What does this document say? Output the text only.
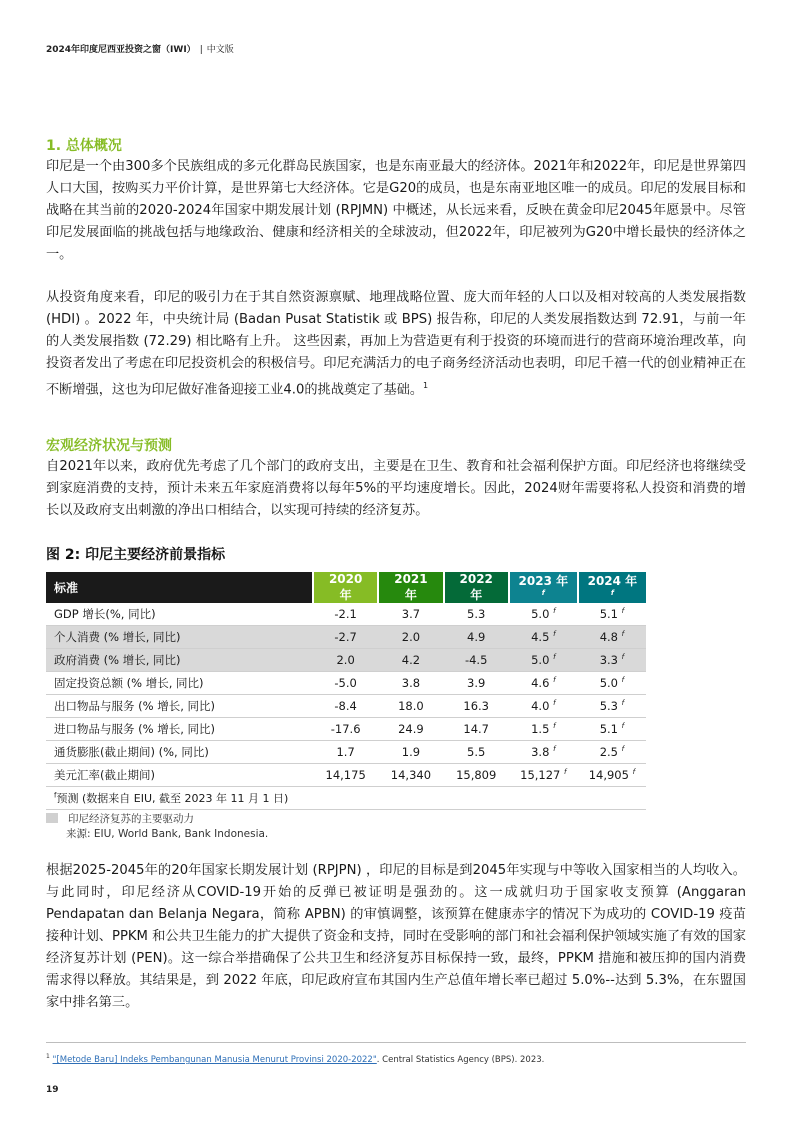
2024年印度尼西亚投资之窗（IWI） | 中文版
1. 总体概况

印尼是一个由300多个民族组成的多元化群岛民族国家，也是东南亚最大的经济体。2021年和2022年，印尼是世界第四人口大国，按购买力平价计算，是世界第七大经济体。它是G20的成员，也是东南亚地区唯一的成员。印尼的发展目标和战略在其当前的2020-2024年国家中期发展计划 (RPJMN) 中概述，从长远来看，反映在黄金印尼2045年愿景中。尽管印尼发展面临的挑战包括与地缘政治、健康和经济相关的全球波动，但2022年，印尼被列为G20中增长最快的经济体之一。

从投资角度来看，印尼的吸引力在于其自然资源禀赋、地理战略位置、庞大而年轻的人口以及相对较高的人类发展指数 (HDI) 。2022 年，中央统计局 (Badan Pusat Statistik 或 BPS) 报告称，印尼的人类发展指数达到 72.91，与前一年的人类发展指数 (72.29) 相比略有上升。 这些因素，再加上为营造更有利于投资的环境而进行的营商环境治理改革，向投资者发出了考虑在印尼投资机会的积极信号。印尼充满活力的电子商务经济活动也表明，印尼千禧一代的创业精神正在不断增强，这也为印尼做好准备迎接工业4.0的挑战奠定了基础。$^1$

宏观经济状况与预测

自2021年以来，政府优先考虑了几个部门的政府支出，主要是在卫生、教育和社会福利保护方面。印尼经济也将继续受到家庭消费的支持，预计未来五年家庭消费将以每年5%的平均速度增长。因此，2024财年需要将私人投资和消费的增长以及政府支出刺激的净出口相结合，以实现可持续的经济复苏。

图 2: 印尼主要经济前景指标
标准	2020 年	2021 年	2022 年	2023 年$^f$	2024 年$^f$
GDP 增长(%, 同比)	-2.1	3.7	5.3	5.0 $^f$	5.1 $^f$
个人消费 (% 增长, 同比)	-2.7	2.0	4.9	4.5 $^f$	4.8 $^f$
政府消费 (% 增长, 同比)	2.0	4.2	-4.5	5.0 $^f$	3.3 $^f$
固定投资总额 (% 增长, 同比)	-5.0	3.8	3.9	4.6 $^f$	5.0 $^f$
出口物品与服务 (% 增长, 同比)	-8.4	18.0	16.3	4.0 $^f$	5.3 $^f$
进口物品与服务 (% 增长, 同比)	-17.6	24.9	14.7	1.5 $^f$	5.1 $^f$
通货膨胀(截止期间) (%, 同比)	1.7	1.9	5.5	3.8 $^f$	2.5 $^f$
美元汇率(截止期间)	14,175	14,340	15,809	15,127 $^f$	14,905 $^f$
$^f$预测 (数据来自 EIU, 截至 2023 年 11 月 1 日)					
印尼经济复苏的主要驱动力
来源: EIU, World Bank, Bank Indonesia.

根据2025-2045年的20年国家长期发展计划 (RPJPN) ，印尼的目标是到2045年实现与中等收入国家相当的人均收入。与此同时，印尼经济从COVID-19开始的反弹已被证明是强劲的。这一成就归功于国家收支预算 (Anggaran Pendapatan dan Belanja Negara，简称 APBN) 的审慎调整，该预算在健康赤字的情况下为成功的 COVID-19 疫苗接种计划、PPKM 和公共卫生能力的扩大提供了资金和支持，同时在受影响的部门和社会福利保护领域实施了有效的国家经济复苏计划 (PEN)。这一综合举措确保了公共卫生和经济复苏目标保持一致，最终，PPKM 措施和被压抑的国内消费需求得以释放。其结果是，到 2022 年底，印尼政府宣布其国内生产总值年增长率已超过 5.0%--达到 5.3%，在东盟国家中排名第三。

$^1$ "[Metode Baru] Indeks Pembangunan Manusia Menurut Provinsi 2020-2022". Central Statistics Agency (BPS). 2023.
19
